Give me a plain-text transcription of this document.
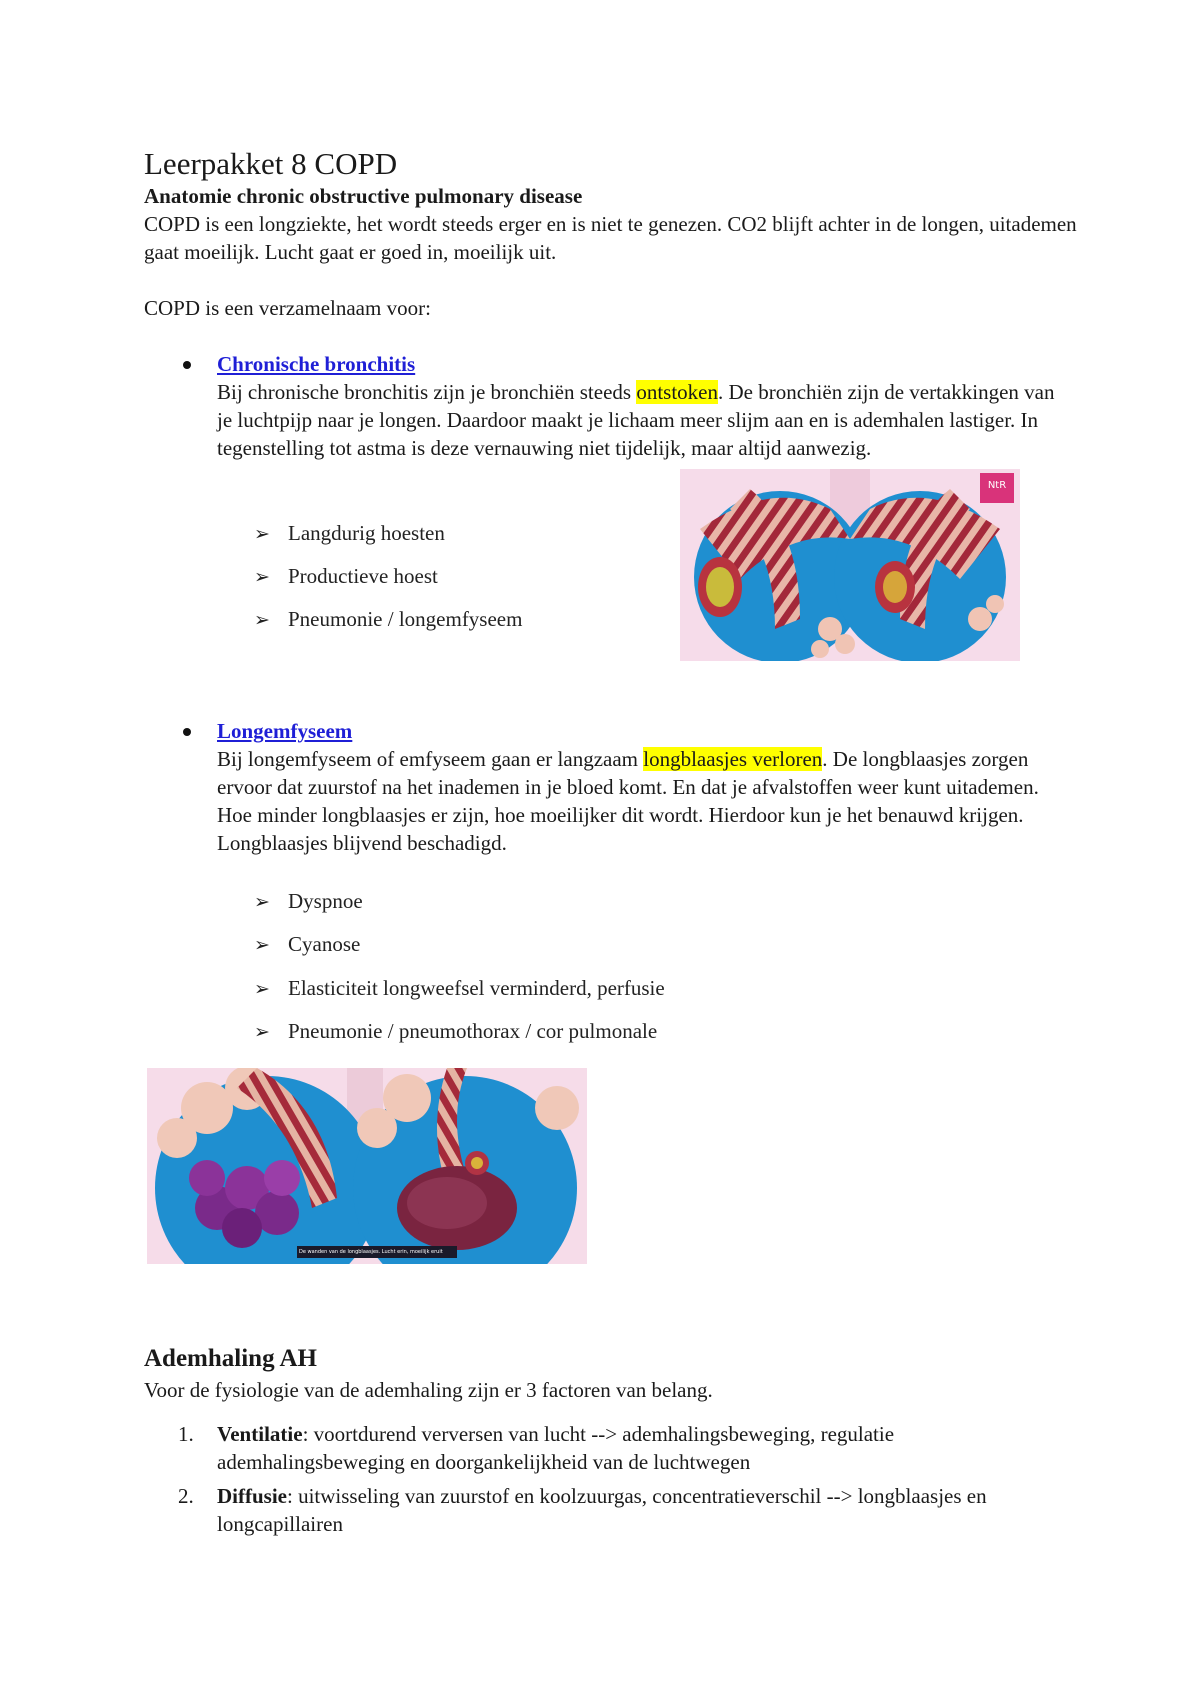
Leerpakket 8 COPD
Anatomie chronic obstructive pulmonary disease
COPD is een longziekte, het wordt steeds erger en is niet te genezen. CO2 blijft achter in de longen, uitademen gaat moeilijk. Lucht gaat er goed in, moeilijk uit.
COPD is een verzamelnaam voor:
Chronische bronchitis
Bij chronische bronchitis zijn je bronchiën steeds ontstoken. De bronchiën zijn de vertakkingen van je luchtpijp naar je longen. Daardoor maakt je lichaam meer slijm aan en is ademhalen lastiger. In tegenstelling tot astma is deze vernauwing niet tijdelijk, maar altijd aanwezig.
➢ Langdurig hoesten
➢ Productieve hoest
➢ Pneumonie / longemfyseem
NtR
Longemfyseem
Bij longemfyseem of emfyseem gaan er langzaam longblaasjes verloren. De longblaasjes zorgen ervoor dat zuurstof na het inademen in je bloed komt. En dat je afvalstoffen weer kunt uitademen. Hoe minder longblaasjes er zijn, hoe moeilijker dit wordt. Hierdoor kun je het benauwd krijgen. Longblaasjes blijvend beschadigd.
➢ Dyspnoe
➢ Cyanose
➢ Elasticiteit longweefsel verminderd, perfusie
➢ Pneumonie / pneumothorax / cor pulmonale
De wanden van de longblaasjes. Lucht erin, moeilijk eruit
Ademhaling AH
Voor de fysiologie van de ademhaling zijn er 3 factoren van belang.
1.	Ventilatie: voortdurend verversen van lucht --> ademhalingsbeweging, regulatie ademhalingsbeweging en doorgankelijkheid van de luchtwegen
2.	Diffusie: uitwisseling van zuurstof en koolzuurgas, concentratieverschil --> longblaasjes en longcapillairen
